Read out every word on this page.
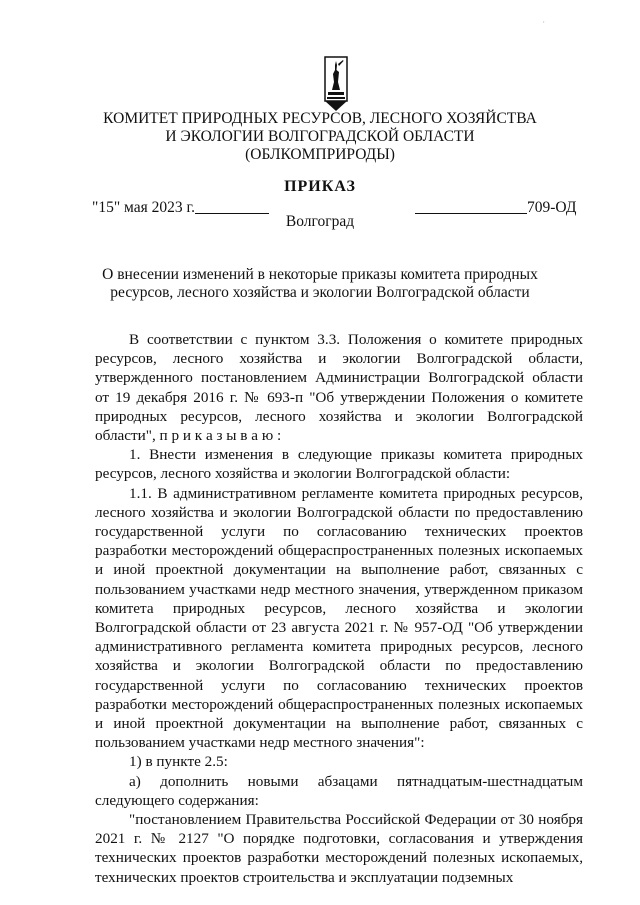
·
КОМИТЕТ ПРИРОДНЫХ РЕСУРСОВ, ЛЕСНОГО ХОЗЯЙСТВА
И ЭКОЛОГИИ ВОЛГОГРАДСКОЙ ОБЛАСТИ
(ОБЛКОМПРИРОДЫ)
ПРИКАЗ
"15" мая 2023 г.	709-ОД
Волгоград
О внесении изменений в некоторые приказы комитета природных
ресурсов, лесного хозяйства и экологии Волгоградской области

В соответствии с пунктом 3.3. Положения о комитете природных ресурсов, лесного хозяйства и экологии Волгоградской области, утвержденного постановлением Администрации Волгоградской области от 19 декабря 2016 г. № 693-п "Об утверждении Положения о комитете природных ресурсов, лесного хозяйства и экологии Волгоградской области", п р и к а з ы в а ю :

1. Внести изменения в следующие приказы комитета природных ресурсов, лесного хозяйства и экологии Волгоградской области:

1.1. В административном регламенте комитета природных ресурсов, лесного хозяйства и экологии Волгоградской области по предоставлению государственной услуги по согласованию технических проектов разработки месторождений общераспространенных полезных ископаемых и иной проектной документации на выполнение работ, связанных с пользованием участками недр местного значения, утвержденном приказом комитета природных ресурсов, лесного хозяйства и экологии Волгоградской области от 23 августа 2021 г. № 957-ОД "Об утверждении административного регламента комитета природных ресурсов, лесного хозяйства и экологии Волгоградской области по предоставлению государственной услуги по согласованию технических проектов разработки месторождений общераспространенных полезных ископаемых и иной проектной документации на выполнение работ, связанных с пользованием участками недр местного значения":

1) в пункте 2.5:

а) дополнить новыми абзацами пятнадцатым-шестнадцатым следующего содержания:

"постановлением Правительства Российской Федерации от 30 ноября 2021 г. № 2127 "О порядке подготовки, согласования и утверждения технических проектов разработки месторождений полезных ископаемых, технических проектов строительства и эксплуатации подземных
